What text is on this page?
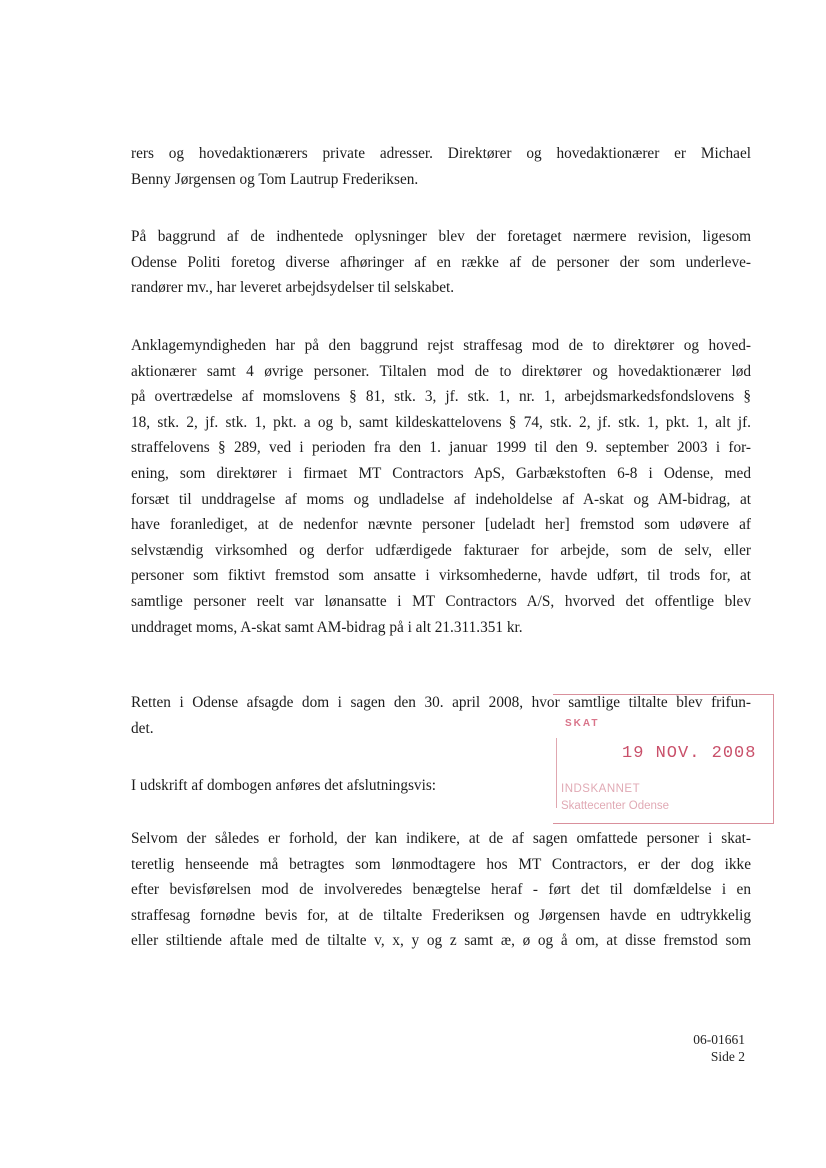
rers og hovedaktionærers private adresser. Direktører og hovedaktionærer er Michael
Benny Jørgensen og Tom Lautrup Frederiksen.
På baggrund af de indhentede oplysninger blev der foretaget nærmere revision, ligesom
Odense Politi foretog diverse afhøringer af en række af de personer der som underleve-
randører mv., har leveret arbejdsydelser til selskabet.
Anklagemyndigheden har på den baggrund rejst straffesag mod de to direktører og hoved-
aktionærer samt 4 øvrige personer. Tiltalen mod de to direktører og hovedaktionærer lød
på overtrædelse af momslovens § 81, stk. 3, jf. stk. 1, nr. 1, arbejdsmarkedsfondslovens §
18, stk. 2, jf. stk. 1, pkt. a og b, samt kildeskattelovens § 74, stk. 2, jf. stk. 1, pkt. 1, alt jf.
straffelovens § 289, ved i perioden fra den 1. januar 1999 til den 9. september 2003 i for-
ening, som direktører i firmaet MT Contractors ApS, Garbækstoften 6-8 i Odense, med
forsæt til unddragelse af moms og undladelse af indeholdelse af A-skat og AM-bidrag, at
have foranlediget, at de nedenfor nævnte personer [udeladt her] fremstod som udøvere af
selvstændig virksomhed og derfor udfærdigede fakturaer for arbejde, som de selv, eller
personer som fiktivt fremstod som ansatte i virksomhederne, havde udført, til trods for, at
samtlige personer reelt var lønansatte i MT Contractors A/S, hvorved det offentlige blev
unddraget moms, A-skat samt AM-bidrag på i alt 21.311.351 kr.
Retten i Odense afsagde dom i sagen den 30. april 2008, hvor samtlige tiltalte blev frifun-
det.
I udskrift af dombogen anføres det afslutningsvis:
Selvom der således er forhold, der kan indikere, at de af sagen omfattede personer i skat-
teretlig henseende må betragtes som lønmodtagere hos MT Contractors, er der dog ikke
efter bevisførelsen mod de involveredes benægtelse heraf - ført det til domfældelse i en
straffesag fornødne bevis for, at de tiltalte Frederiksen og Jørgensen havde en udtrykkelig
eller stiltiende aftale med de tiltalte v, x, y og z samt æ, ø og å om, at disse fremstod som
SKAT
19 NOV. 2008
INDSKANNET
Skattecenter Odense
06-01661
Side 2
